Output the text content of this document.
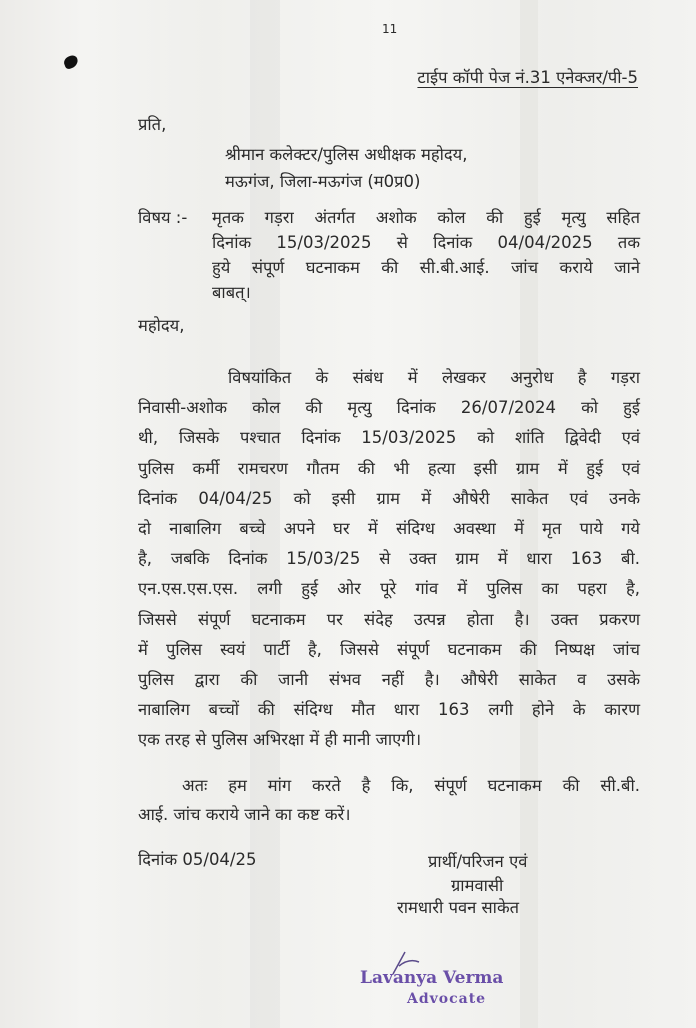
11
टाईप कॉपी पेज नं.31 एनेक्जर/पी-5
प्रति,
श्रीमान कलेक्टर/पुलिस अधीक्षक महोदय,
मऊगंज, जिला-मऊगंज (म0प्र0)
विषय :- मृतक गड़रा अंतर्गत अशोक कोल की हुई मृत्यु सहित
दिनांक 15/03/2025 से दिनांक 04/04/2025 तक
हुये संपूर्ण घटनाकम की सी.बी.आई. जांच कराये जाने
बाबत्।
महोदय,
विषयांकित के संबंध में लेखकर अनुरोध है गड़रा
निवासी-अशोक कोल की मृत्यु दिनांक 26/07/2024 को हुई
थी, जिसके पश्चात दिनांक 15/03/2025 को शांति द्विवेदी एवं
पुलिस कर्मी रामचरण गौतम की भी हत्या इसी ग्राम में हुई एवं
दिनांक 04/04/25 को इसी ग्राम में औषेरी साकेत एवं उनके
दो नाबालिग बच्चे अपने घर में संदिग्ध अवस्था में मृत पाये गये
है, जबकि दिनांक 15/03/25 से उक्त ग्राम में धारा 163 बी.
एन.एस.एस.एस. लगी हुई ओर पूरे गांव में पुलिस का पहरा है,
जिससे संपूर्ण घटनाकम पर संदेह उत्पन्न होता है। उक्त प्रकरण
में पुलिस स्वयं पार्टी है, जिससे संपूर्ण घटनाकम की निष्पक्ष जांच
पुलिस द्वारा की जानी संभव नहीं है। औषेरी साकेत व उसके
नाबालिग बच्चों की संदिग्ध मौत धारा 163 लगी होने के कारण
एक तरह से पुलिस अभिरक्षा में ही मानी जाएगी।
अतः हम मांग करते है कि, संपूर्ण घटनाकम की सी.बी.
आई. जांच कराये जाने का कष्ट करें।
दिनांक 05/04/25	प्रार्थी/परिजन एवं
ग्रामवासी
रामधारी पवन साकेत
Lavanya Verma
Advocate
